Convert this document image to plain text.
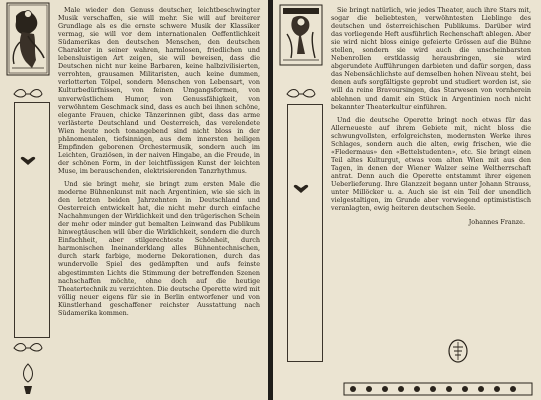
Male wieder den Genuss deutscher, leichtbeschwingter Musik verschaffen, sie will mehr. Sie will auf breiterer Grundlage als es die ernste schwere Musik der Klassiker vermag, sie will vor dem internationalen Oeffentlichkeit Südamerikas den deutschen Menschen, den deutschen Charakter in seiner wahren, harmlosen, friedlichen und lebensluistigen Art zeigen, sie will beweisen, dass die Deutschen nicht nur keine Barbaren, keine halbzivilisierten, verrohten, grausamen Militaristen, auch keine dummen, verlotterten Tölpel, sondern Menschen von Lebensart, von Kulturbedürfnissen, von feinen Umgangsformen, von unverwüstlichem Humor, von Genussfähigkeit, von verwöhntem Geschmack sind, dass es auch bei ihnen schöne, elegante Frauen, chicke Tänzerinnen gibt, dass das arme verlästerte Deutschland und Oesterreich, das verelendete Wien heute noch tonangebend sind nicht bloss in der phänomenalen, tiefsinnigen, aus dem innersten heiligen Empfinden geborenen Orchestermusik, sondern auch im Leichten, Graziösen, in der naiven Hingabe, an die Freude, in der schönen Form, in der leichtfüssigen Kunst der leichten Muse, im berauschenden, elektrisierenden Tanzrhythmus.

Und sie bringt mehr, sie bringt zum ersten Male die moderne Bühnenkunst mit nach Argentinien, wie sie sich in den letzten beiden Jahrzehnten in Deutschland und Oesterreich entwickelt hat, die nicht mehr durch einfache Nachahmungen der Wirklichkeit und den trügerischen Schein der mehr oder minder gut bemalten Leinwand das Publikum hinwegtäuschen will über die Wirklichkeit, sondern die durch Einfachheit, aber stilgerechteste Schönheit, durch harmonischen Ineinanderklang alles Bühnentechnischen, durch stark farbige, moderne Dekorationen, durch das wundervolle Spiel des gedämpften und aufs feinste abgestimmten Lichts die Stimmung der betreffenden Szenen nachschaffen möchte, ohne doch auf die heutige Theatertechnik zu verzichten. Die deutsche Operette wird mit völlig neuer eigens für sie in Berlin entworfener und von Künstlerhand geschaffener reichster Ausstattung nach Südamerika kommen.

Sie bringt natürlich, wie jedes Theater, auch ihre Stars mit, sogar die beliebtesten, verwöhntesten Lieblinge des deutschen und österreichischen Publikums. Darüber wird das vorliegende Heft ausführlich Rechenschaft ablegen. Aber sie wird nicht bloss einige gefeierte Grössen auf die Bühne stellen, sondern sie wird auch die unscheinbarsten Nebenrollen erstklassig herausbringen, sie wird abgerundete Aufführungen darbieten und dafür sorgen, dass das Nebensächlichste auf demselben hohen Niveau steht, bei denen aufs sorgfältigste geprobt und studiert worden ist, sie will da reine Bravoursingen, das Starwesen von vornherein ablehnen und damit ein Stück in Argentinien noch nicht bekannter Theaterkultur einführen.

Und die deutsche Operette bringt noch etwas für das Allerneueste auf ihrem Gebiete mit, nicht bloss die schwungvollsten, erfolgreichsten, modernsten Werke ihres Schlages, sondern auch die alten, ewig frischen, wie die «Fledermaus» den «Bettelstudenten», etc. Sie bringt einen Teil altes Kulturgut, etwas vom alten Wien mit aus den Tagen, in denen der Wiener Walzer seine Weltherrschaft antrat. Denn auch die Operette entstammt ihrer eigenen Ueberlieferung. Ihre Glanzzeit begann unter Johann Strauss, unter Millöcker u. a. Auch sie ist ein Teil der unendlich vielgestaltigen, im Grunde aber vorwiegend optimististisch veranlagten, ewig heiteren deutschen Seele.

Johannes Franze.
